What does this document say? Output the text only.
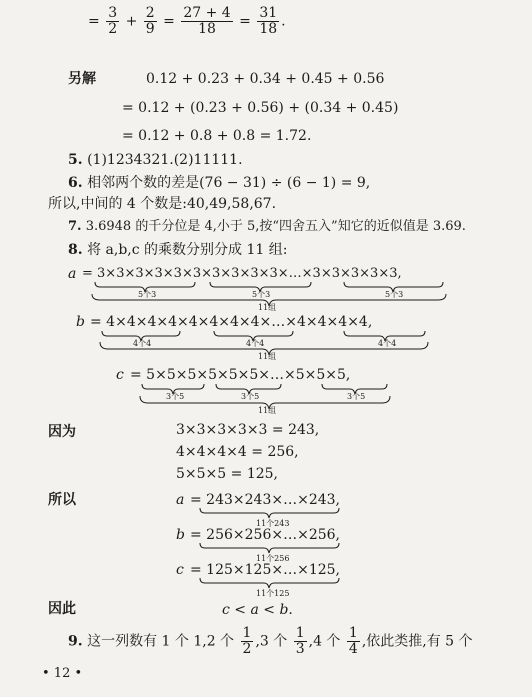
= $\frac{3}{2} + \frac{2}{9} = \frac{27 + 4}{18} = \frac{31}{18}$ .
另解	0.12 + 0.23 + 0.34 + 0.45 + 0.56
= 0.12 + (0.23 + 0.56) + (0.34 + 0.45)
= 0.12 + 0.8 + 0.8 = 1.72.
5. (1)1234321.(2)11111.
6. 相邻两个数的差是(76 − 31) ÷ (6 − 1) = 9,
所以,中间的 4 个数是:40,49,58,67.
7. 3.6948 的千分位是 4,小于 5,按“四舍五入”知它的近似值是 3.69.
8. 将 a,b,c 的乘数分别分成 11 组:
a = 3×3×3×3×3×3×3×3×3×3×…×3×3×3×3×3,
5个3	5个3	5个3
11组
b = 4×4×4×4×4×4×4×4×…×4×4×4×4,
4个4	4个4	4个4
11组
c = 5×5×5×5×5×5×…×5×5×5,
3个5	3个5	3个5
11组
因为	3×3×3×3×3 = 243,
4×4×4×4 = 256,
5×5×5 = 125,
所以	a = 243×243×…×243,
11个243
b = 256×256×…×256,
11个256
c = 125×125×…×125,
11个125
因此	c < a < b.
9. 这一列数有 1 个 1,2 个 $\frac{1}{2} ,3$ 个 $\frac{1}{3} ,4$ 个 $\frac{1}{4}$ ,依此类推,有 5 个
• 12 •
